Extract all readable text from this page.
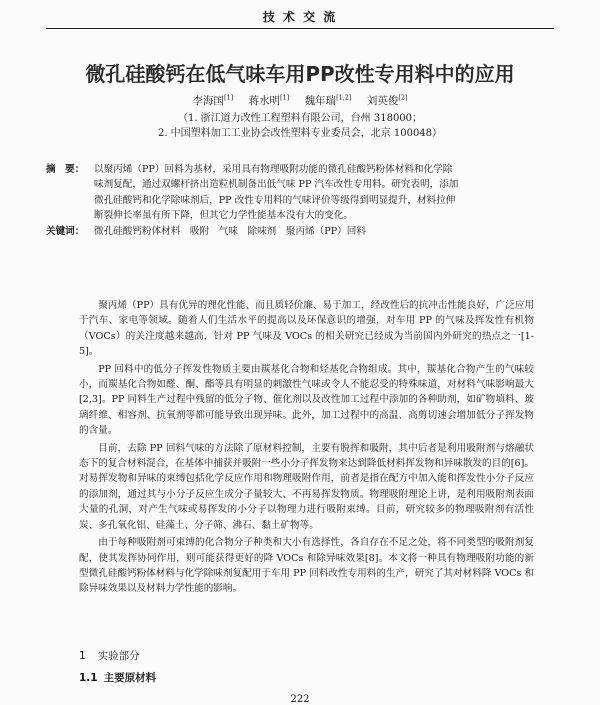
技 术 交 流
微孔硅酸钙在低气味车用PP改性专用料中的应用
李海国[1] 蒋水明[1] 魏年瑞[1,2] 刘英俊[2]
（1. 浙江道力改性工程塑料有限公司，台州 318000；
2. 中国塑料加工工业协会改性塑料专业委员会，北京 100048）
摘　要： 以聚丙烯（PP）回料为基材，采用具有物理吸附功能的微孔硅酸钙粉体材料和化学除
味剂复配，通过双螺杆挤出造粒机制备出低气味 PP 汽车改性专用料。研究表明，添加
微孔硅酸钙和化学除味剂后，PP 改性专用料的气味评价等级得到明显提升，材料拉伸
断裂伸长率虽有所下降，但其它力学性能基本没有大的变化。
关键词： 微孔硅酸钙粉体材料　吸附　气味　除味剂　聚丙烯（PP）回料

聚丙烯（PP）具有优异的理化性能、而且质轻价廉、易于加工，经改性后的抗冲击性能良好，广泛应用于汽车、家电等领域。随着人们生活水平的提高以及环保意识的增强，对车用 PP 的气味及挥发性有机物（VOCs）的关注度越来越高，针对 PP 气味及 VOCs 的相关研究已经成为当前国内外研究的热点之一[1-5]。

PP 回料中的低分子挥发性物质主要由羰基化合物和烃基化合物组成。其中，羰基化合物产生的气味较小，而羰基化合物如醛、酮、酯等具有明显的刺激性气味或令人不能忍受的特殊味道，对材料气味影响最大[2,3]。PP 同料生产过程中残留的低分子物、催化剂以及改性加工过程中添加的各种助剂，如矿物填料、玻璃纤维、相容剂、抗氧剂等都可能导致出现异味。此外，加工过程中的高温、高剪切速会增加低分子挥发物的含量。

目前，去除 PP 回料气味的方法除了原材料控制，主要有脱挥和吸附，其中后者是利用吸附剂与熔融状态下的复合材料混合，在基体中捕获并吸附一些小分子挥发物来达到降低材料挥发物和异味散发的目的[6]。对易挥发物和异味的束缚包括化学反应作用和物理吸附作用，前者是指在配方中加入能和挥发性小分子反应的添加剂，通过其与小分子反应生成分子量较大、不再易挥发物质。物理吸附理论上讲，是利用吸附剂表面大量的孔洞，对产生气味或易挥发的小分子以物理力进行吸附束缚。目前，研究较多的物理吸附剂有活性炭、多孔氧化铝、硅藻土、分子筛、沸石、黏土矿物等。

由于每种吸附剂可束缚的化合物分子种类和大小有选择性，各自存在不足之处，将不同类型的吸附剂复配，使其发挥协同作用，则可能获得更好的降 VOCs 和除异味效果[8]。本文将一种具有物理吸附功能的新型微孔硅酸钙粉体材料与化学除味剂复配用于车用 PP 回料改性专用料的生产，研究了其对材料降 VOCs 和除异味效果以及材料力学性能的影响。

1 实验部分
1.1 主要原材料
222
